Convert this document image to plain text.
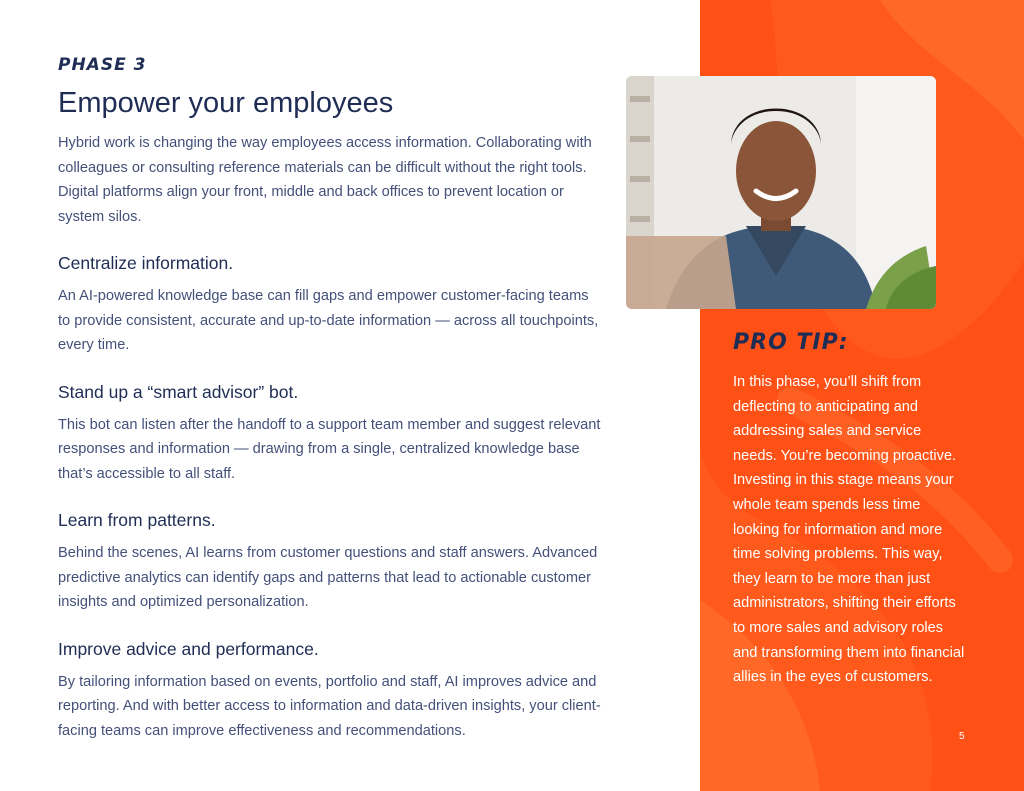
PHASE 3

Empower your employees

Hybrid work is changing the way employees access information. Collaborating with colleagues or consulting reference materials can be difficult without the right tools. Digital platforms align your front, middle and back offices to prevent location or system silos.

Centralize information.

An AI-powered knowledge base can fill gaps and empower customer-facing teams to provide consistent, accurate and up-to-date information — across all touchpoints, every time.

Stand up a “smart advisor” bot.

This bot can listen after the handoff to a support team member and suggest relevant responses and information — drawing from a single, centralized knowledge base that’s accessible to all staff.

Learn from patterns.

Behind the scenes, AI learns from customer questions and staff answers. Advanced predictive analytics can identify gaps and patterns that lead to actionable customer insights and optimized personalization.

Improve advice and performance.

By tailoring information based on events, portfolio and staff, AI improves advice and reporting. And with better access to information and data-driven insights, your client-facing teams can improve effectiveness and recommendations.

PRO TIP:

In this phase, you’ll shift from deflecting to anticipating and addressing sales and service needs. You’re becoming proactive. Investing in this stage means your whole team spends less time looking for information and more time solving problems. This way, they learn to be more than just administrators, shifting their efforts to more sales and advisory roles and transforming them into financial allies in the eyes of customers.

5
